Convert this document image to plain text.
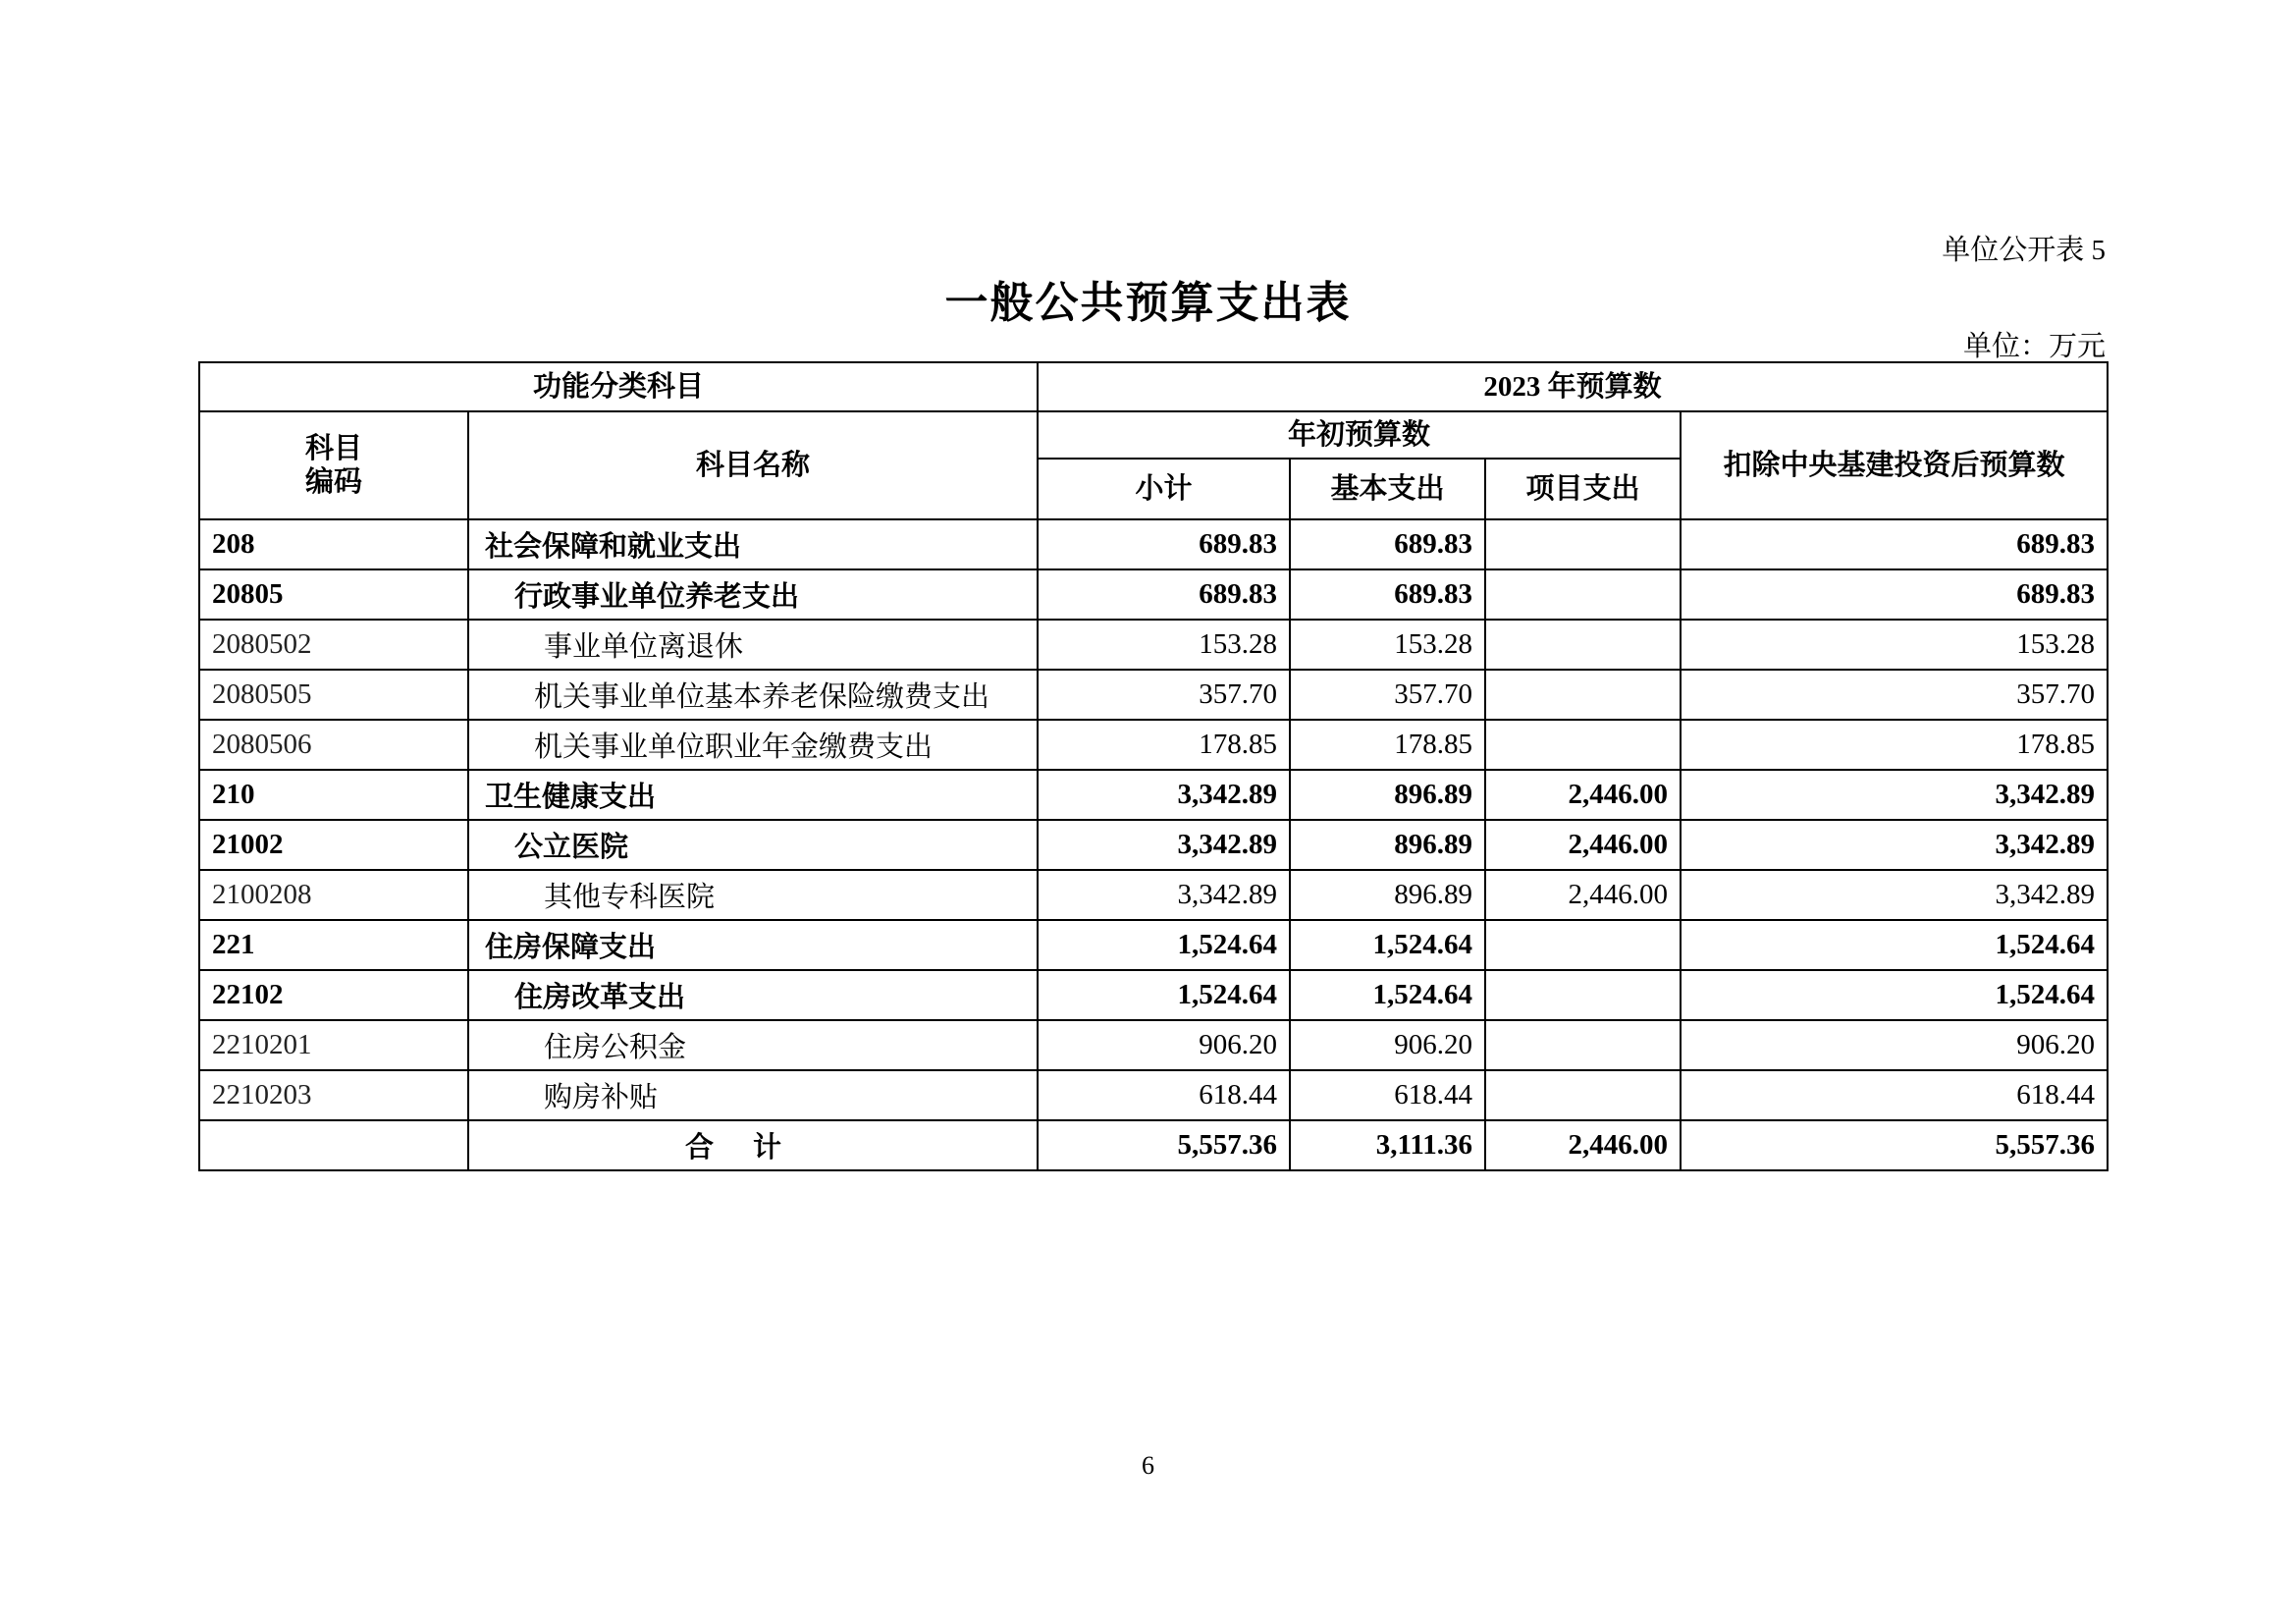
单位公开表 5
一般公共预算支出表
单位：万元
功能分类科目		2023 年预算数			
科目
编码	科目名称	年初预算数			扣除中央基建投资后预算数
		小计	基本支出	项目支出	
208	社会保障和就业支出	689.83	689.83		689.83
20805	行政事业单位养老支出	689.83	689.83		689.83
2080502	事业单位离退休	153.28	153.28		153.28
2080505	机关事业单位基本养老保险缴费支出	357.70	357.70		357.70
2080506	机关事业单位职业年金缴费支出	178.85	178.85		178.85
210	卫生健康支出	3,342.89	896.89	2,446.00	3,342.89
21002	公立医院	3,342.89	896.89	2,446.00	3,342.89
2100208	其他专科医院	3,342.89	896.89	2,446.00	3,342.89
221	住房保障支出	1,524.64	1,524.64		1,524.64
22102	住房改革支出	1,524.64	1,524.64		1,524.64
2210201	住房公积金	906.20	906.20		906.20
2210203	购房补贴	618.44	618.44		618.44
	合计	5,557.36	3,111.36	2,446.00	5,557.36
6
